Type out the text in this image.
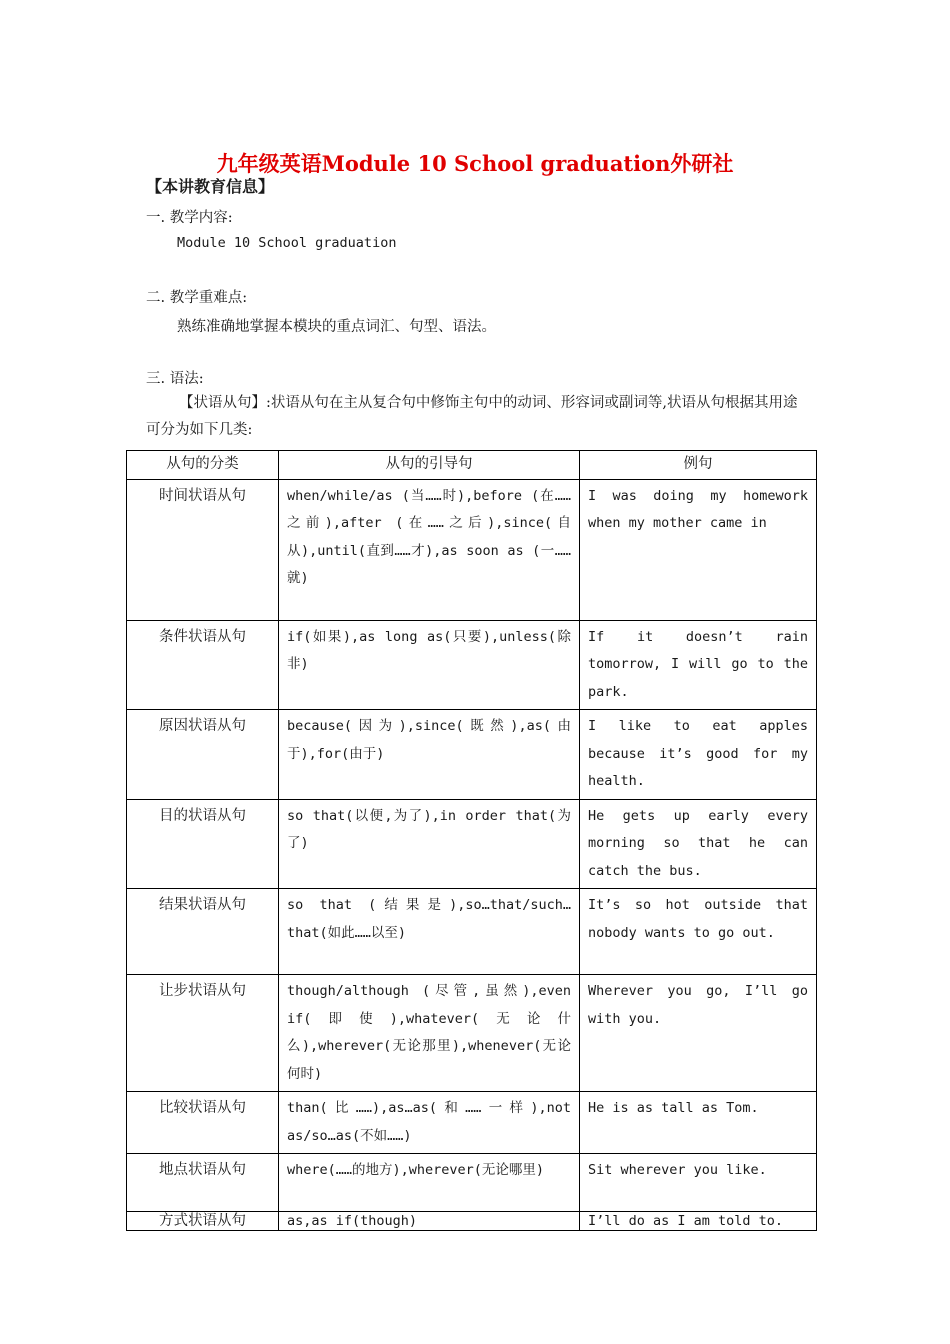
九年级英语Module 10 School graduation外研社
【本讲教育信息】
一. 教学内容:
Module 10 School graduation
二. 教学重难点:
熟练准确地掌握本模块的重点词汇、句型、语法。
三. 语法:
【状语从句】:状语从句在主从复合句中修饰主句中的动词、形容词或副词等,状语从句根据其用途可分为如下几类:
从句的分类	从句的引导句	例句
时间状语从句	when/while/as (当……时),before (在……之前),after (在……之后),since(自从),until(直到……才),as soon as (一……就)	I was doing my homework when my mother came in
条件状语从句	if(如果),as long as(只要),unless(除非)	If it doesn’t rain tomorrow, I will go to the park.
原因状语从句	because(因为),since(既然),as(由于),for(由于)	I like to eat apples because it’s good for my health.
目的状语从句	so that(以便,为了),in order that(为了)	He gets up early every morning so that he can catch the bus.
结果状语从句	so that (结果是),so…that/such…that(如此……以至)	It’s so hot outside that nobody wants to go out.
让步状语从句	though/although (尽管,虽然),even if(即使),whatever(无论什么),wherever(无论那里),whenever(无论何时)	Wherever you go, I’ll go with you.
比较状语从句	than(比……),as…as(和……一样),not as/so…as(不如……)	He is as tall as Tom.
地点状语从句	where(……的地方),wherever(无论哪里)	Sit wherever you like.
方式状语从句	as,as if(though)	I’ll do as I am told to.
